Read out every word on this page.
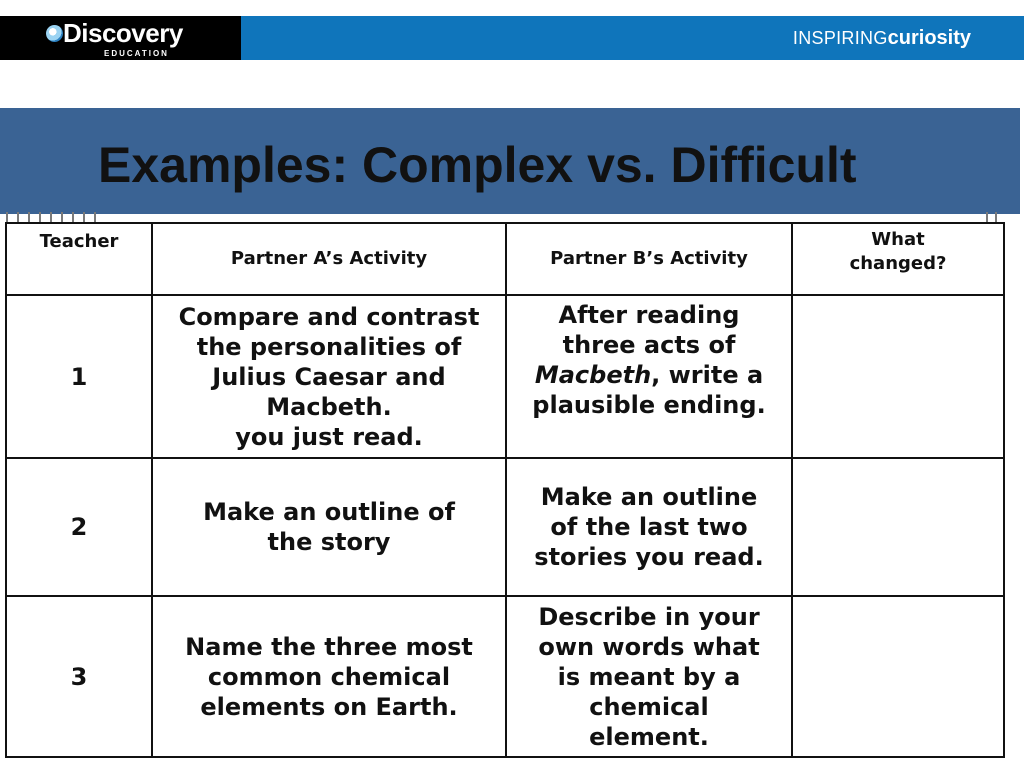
Discovery
EDUCATION
INSPIRINGcuriosity
Examples: Complex vs. Difficult
Teacher	Partner A’s Activity	Partner B’s Activity	What
changed?

1	Compare and contrast
the personalities of
Julius Caesar and
Macbeth.
you just read.	After reading
three acts of
Macbeth, write a
plausible ending.	

2	Make an outline of
the story	Make an outline
of the last two
stories you read.	

3	Name the three most
common chemical
elements on Earth.	Describe in your
own words what
is meant by a
chemical
element.	
